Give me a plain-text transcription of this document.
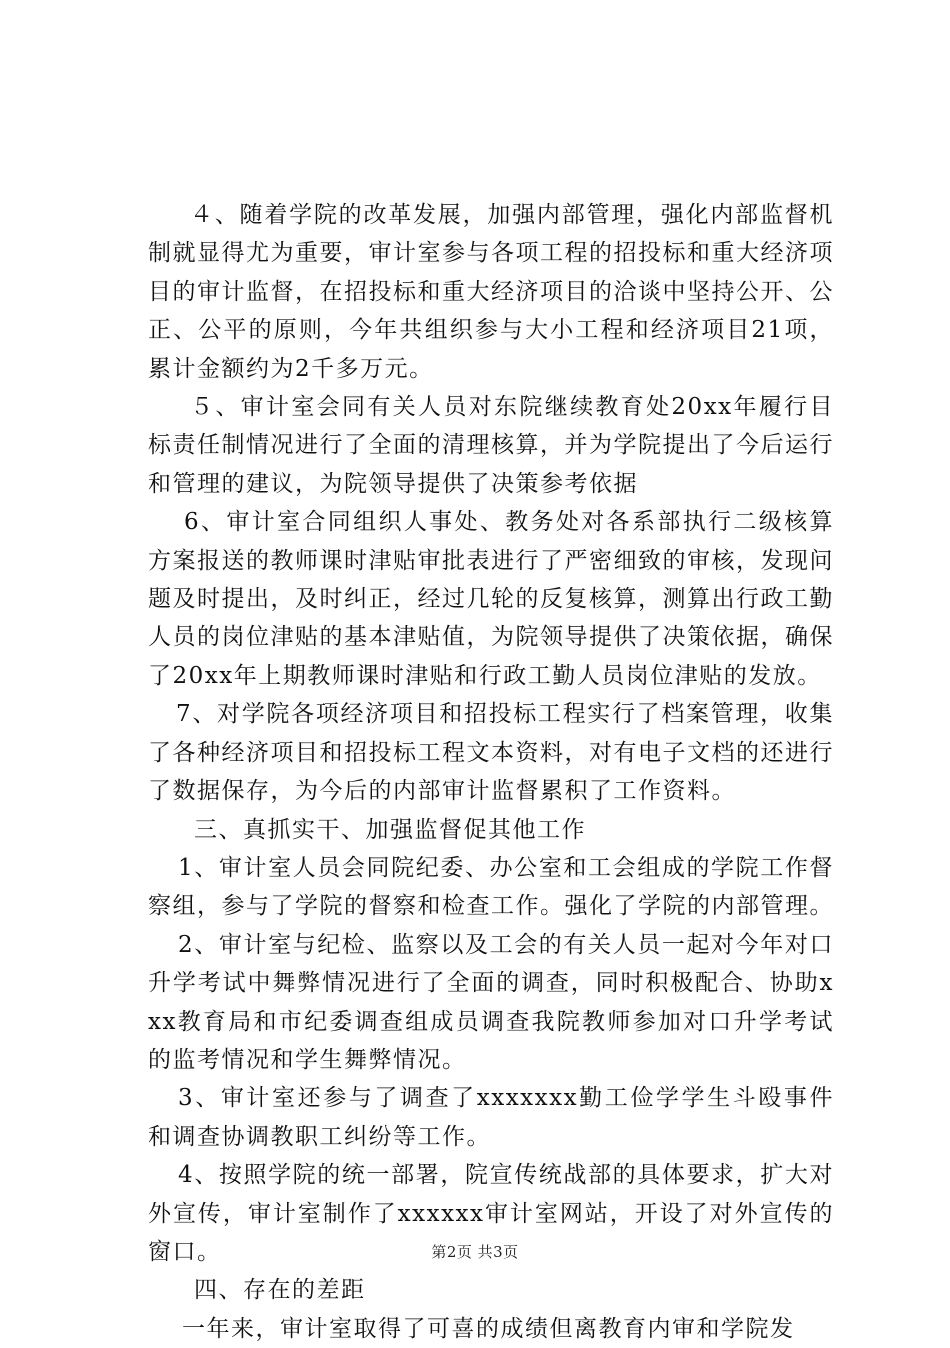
４、随着学院的改革发展，加强内部管理，强化内部监督机制就显得尤为重要，审计室参与各项工程的招投标和重大经济项目的审计监督，在招投标和重大经济项目的洽谈中坚持公开、公正、公平的原则，今年共组织参与大小工程和经济项目21项，累计金额约为2千多万元。

５、审计室会同有关人员对东院继续教育处20xx年履行目标责任制情况进行了全面的清理核算，并为学院提出了今后运行和管理的建议，为院领导提供了决策参考依据

6、审计室合同组织人事处、教务处对各系部执行二级核算方案报送的教师课时津贴审批表进行了严密细致的审核，发现问题及时提出，及时纠正，经过几轮的反复核算，测算出行政工勤人员的岗位津贴的基本津贴值，为院领导提供了决策依据，确保了20xx年上期教师课时津贴和行政工勤人员岗位津贴的发放。

7、对学院各项经济项目和招投标工程实行了档案管理，收集了各种经济项目和招投标工程文本资料，对有电子文档的还进行了数据保存，为今后的内部审计监督累积了工作资料。

三、真抓实干、加强监督促其他工作

1、审计室人员会同院纪委、办公室和工会组成的学院工作督察组，参与了学院的督察和检查工作。强化了学院的内部管理。

2、审计室与纪检、监察以及工会的有关人员一起对今年对口升学考试中舞弊情况进行了全面的调查，同时积极配合、协助xxx教育局和市纪委调查组成员调查我院教师参加对口升学考试的监考情况和学生舞弊情况。

3、审计室还参与了调查了xxxxxxx勤工俭学学生斗殴事件和调查协调教职工纠纷等工作。

4、按照学院的统一部署，院宣传统战部的具体要求，扩大对外宣传，审计室制作了xxxxxx审计室网站，开设了对外宣传的窗口。

四、存在的差距

一年来，审计室取得了可喜的成绩但离教育内审和学院发

第2页 共3页
